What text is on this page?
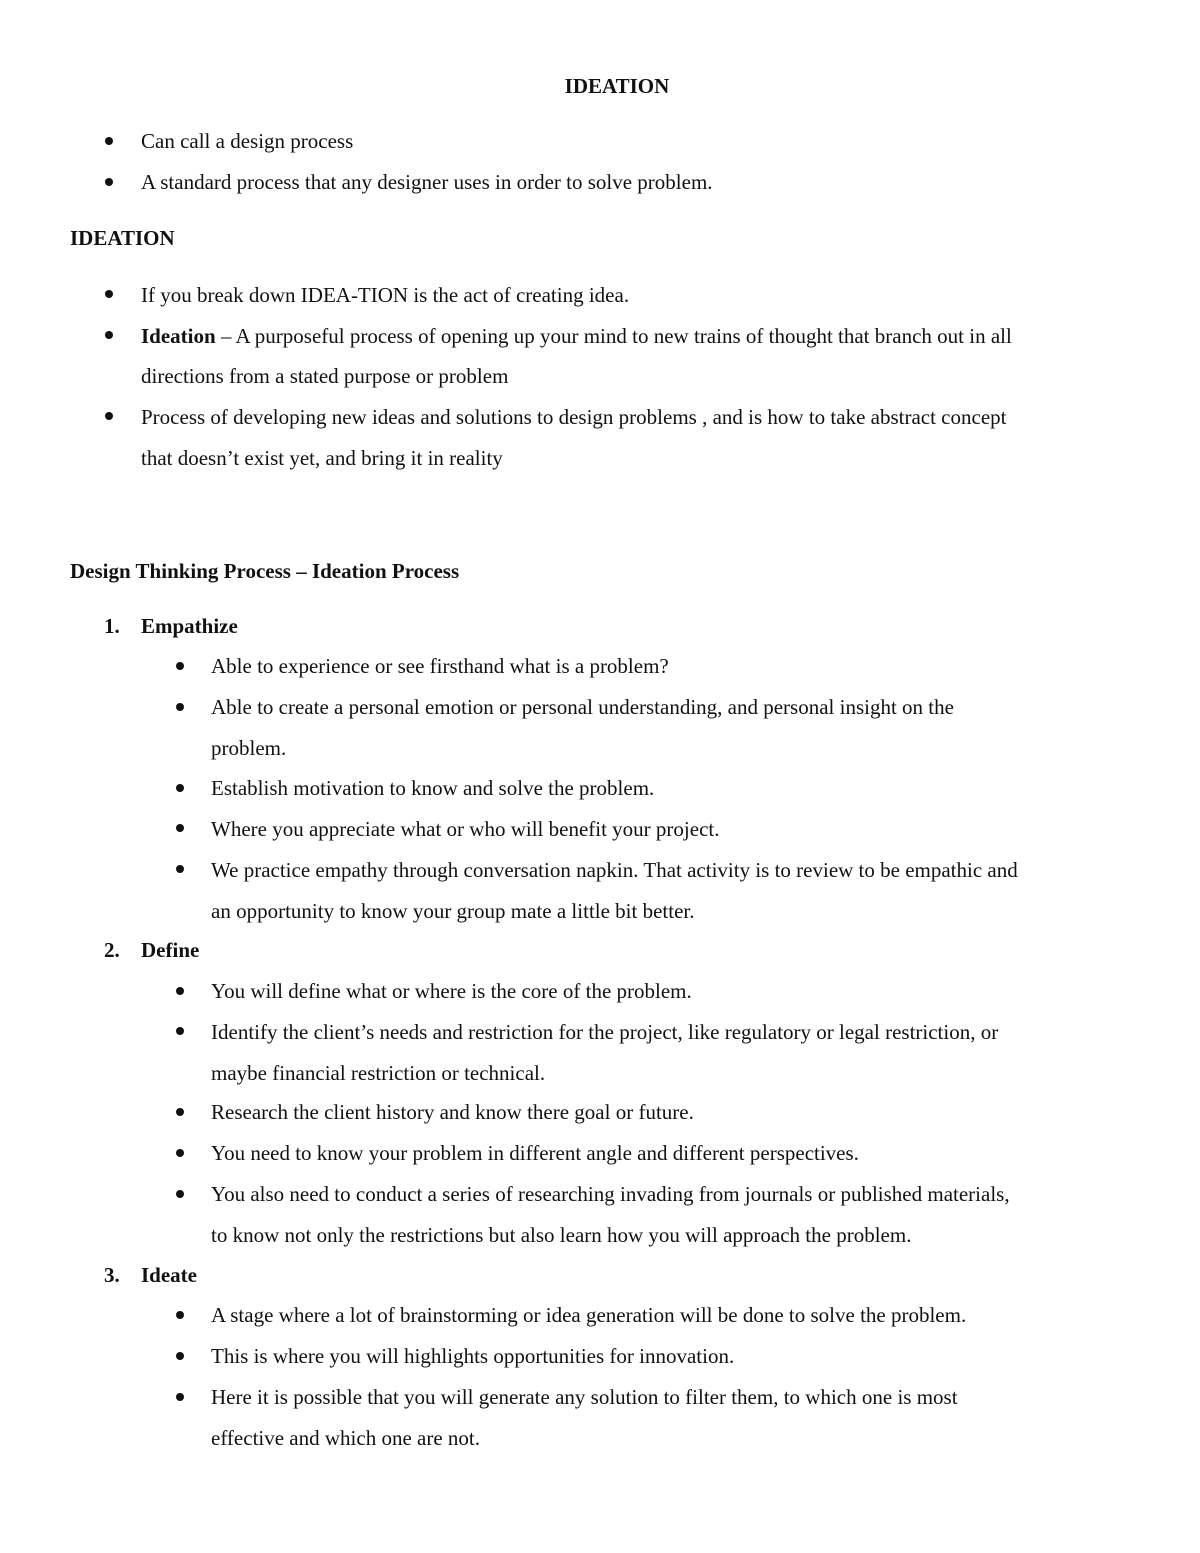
IDEATION
Can call a design process
A standard process that any designer uses in order to solve problem.
IDEATION
If you break down IDEA-TION is the act of creating idea.
Ideation – A purposeful process of opening up your mind to new trains of thought that branch out in all
directions from a stated purpose or problem
Process of developing new ideas and solutions to design problems , and is how to take abstract concept
that doesn’t exist yet, and bring it in reality
Design Thinking Process – Ideation Process
1. Empathize
Able to experience or see firsthand what is a problem?
Able to create a personal emotion or personal understanding, and personal insight on the
problem.
Establish motivation to know and solve the problem.
Where you appreciate what or who will benefit your project.
We practice empathy through conversation napkin. That activity is to review to be empathic and
an opportunity to know your group mate a little bit better.
2. Define
You will define what or where is the core of the problem.
Identify the client’s needs and restriction for the project, like regulatory or legal restriction, or
maybe financial restriction or technical.
Research the client history and know there goal or future.
You need to know your problem in different angle and different perspectives.
You also need to conduct a series of researching invading from journals or published materials,
to know not only the restrictions but also learn how you will approach the problem.
3. Ideate
A stage where a lot of brainstorming or idea generation will be done to solve the problem.
This is where you will highlights opportunities for innovation.
Here it is possible that you will generate any solution to filter them, to which one is most
effective and which one are not.
